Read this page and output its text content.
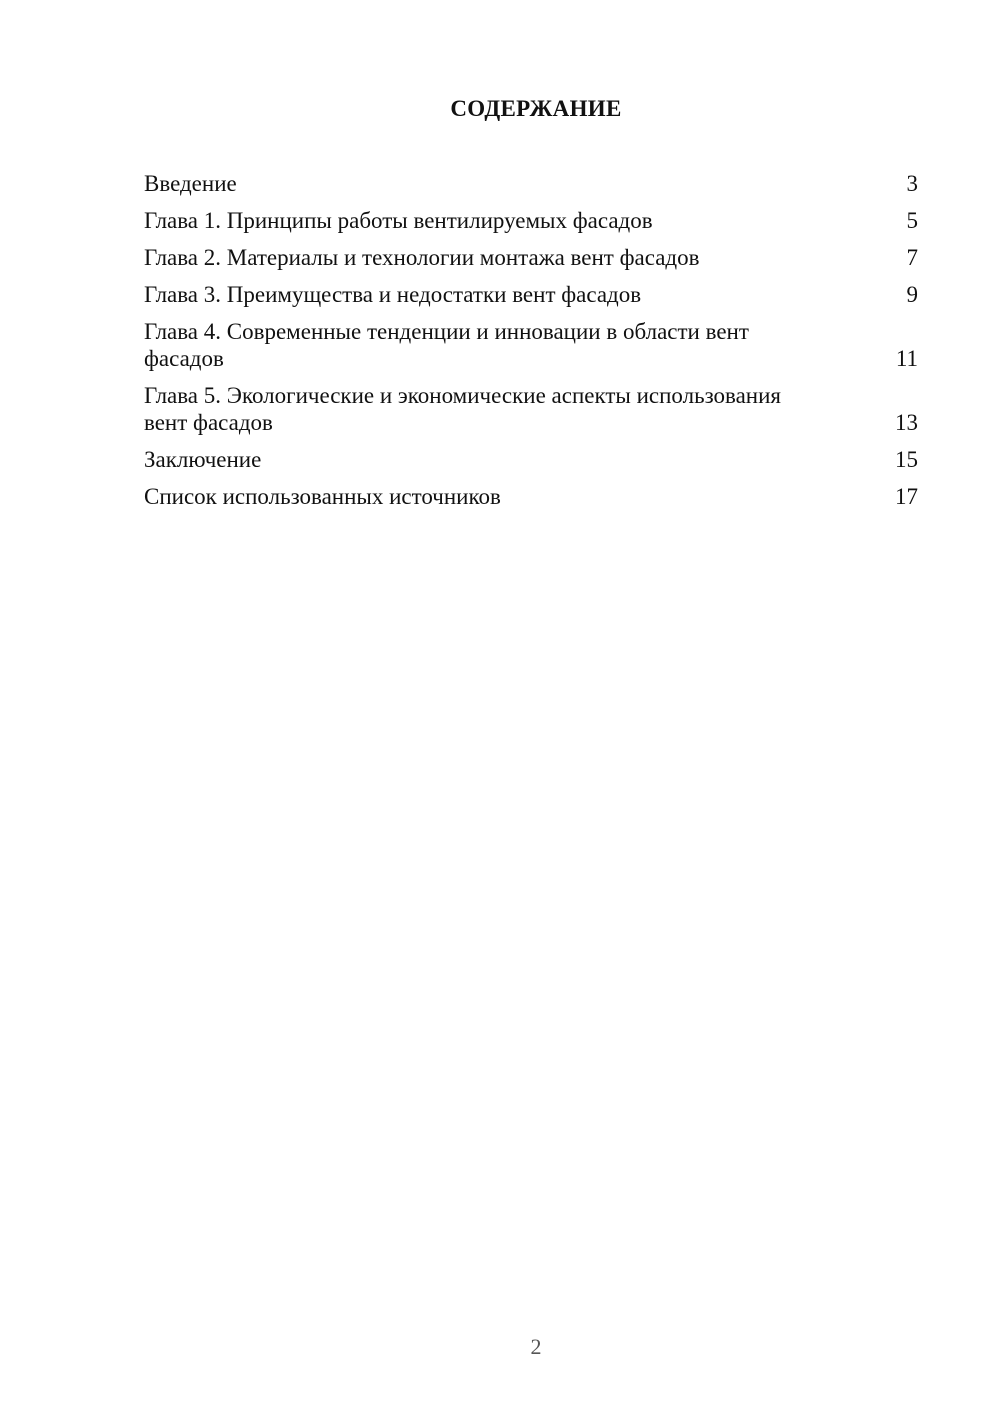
СОДЕРЖАНИЕ
Введение	3
Глава 1. Принципы работы вентилируемых фасадов	5
Глава 2. Материалы и технологии монтажа вент фасадов	7
Глава 3. Преимущества и недостатки вент фасадов	9
Глава 4. Современные тенденции и инновации в области вент фасадов	11
Глава 5. Экологические и экономические аспекты использования вент фасадов	13
Заключение	15
Список использованных источников	17
2
